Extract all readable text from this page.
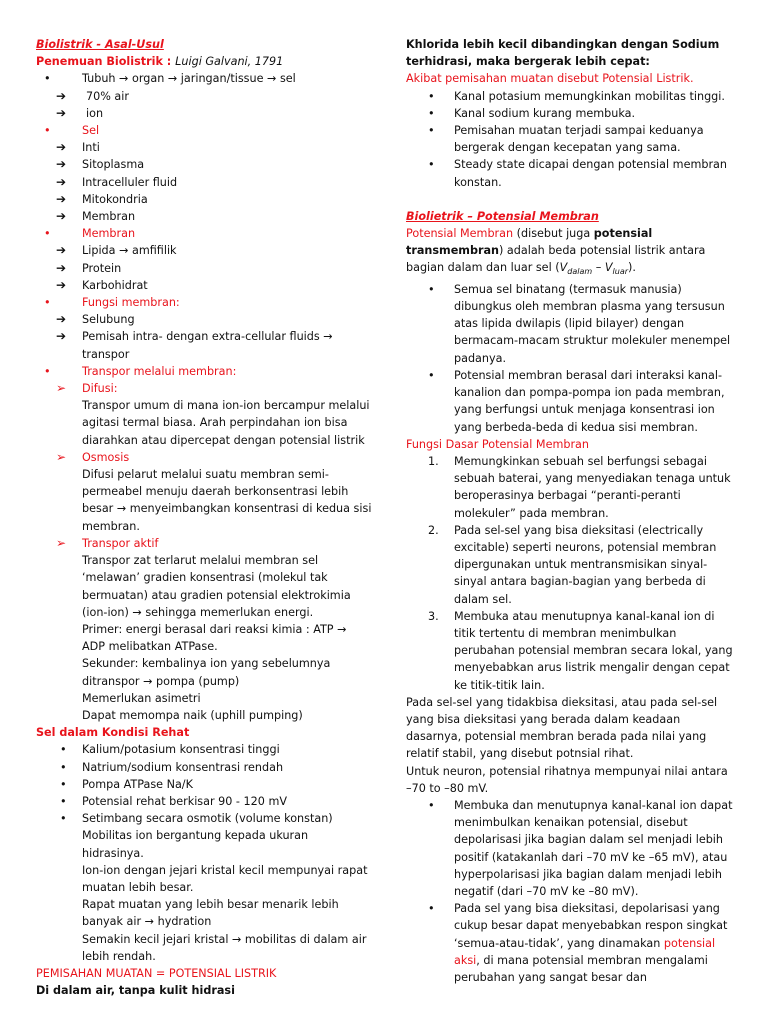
Biolistrik - Asal-Usul
Penemuan Biolistrik : Luigi Galvani, 1791
•	Tubuh → organ → jaringan/tissue → sel
➔ 70% air
➔ ion
•	Sel
➔ Inti
➔ Sitoplasma
➔ Intracelluler fluid
➔ Mitokondria
➔ Membran
•	Membran
➔ Lipida → amfifilik
➔ Protein
➔ Karbohidrat
•	Fungsi membran:
➔ Selubung
➔ Pemisah intra- dengan extra-cellular fluids → transpor
•	Transpor melalui membran:
➢ Difusi:
Transpor umum di mana ion-ion bercampur melalui agitasi termal biasa. Arah perpindahan ion bisa diarahkan atau dipercepat dengan potensial listrik
➢ Osmosis
Difusi pelarut melalui suatu membran semi-permeabel menuju daerah berkonsentrasi lebih besar → menyeimbangkan konsentrasi di kedua sisi membran.
➢ Transpor aktif
Transpor zat terlarut melalui membran sel ‘melawan’ gradien konsentrasi (molekul tak bermuatan) atau gradien potensial elektrokimia (ion-ion) → sehingga memerlukan energi.
Primer: energi berasal dari reaksi kimia : ATP → ADP melibatkan ATPase.
Sekunder: kembalinya ion yang sebelumnya ditranspor → pompa (pump)
Memerlukan asimetri
Dapat memompa naik (uphill pumping)
Sel dalam Kondisi Rehat
• Kalium/potasium konsentrasi tinggi
• Natrium/sodium konsentrasi rendah
• Pompa ATPase Na/K
• Potensial rehat berkisar 90 - 120 mV
• Setimbang secara osmotik (volume konstan)
Mobilitas ion bergantung kepada ukuran hidrasinya.
Ion-ion dengan jejari kristal kecil mempunyai rapat muatan lebih besar.
Rapat muatan yang lebih besar menarik lebih banyak air → hydration
Semakin kecil jejari kristal → mobilitas di dalam air lebih rendah.
PEMISAHAN MUATAN = POTENSIAL LISTRIK
Di dalam air, tanpa kulit hidrasi
Khlorida lebih kecil dibandingkan dengan Sodium terhidrasi, maka bergerak lebih cepat:
Akibat pemisahan muatan disebut Potensial Listrik.
• Kanal potasium memungkinkan mobilitas tinggi.
• Kanal sodium kurang membuka.
• Pemisahan muatan terjadi sampai keduanya bergerak dengan kecepatan yang sama.
• Steady state dicapai dengan potensial membran konstan.
Biolietrik – Potensial Membran
Potensial Membran (disebut juga potensial transmembran) adalah beda potensial listrik antara bagian dalam dan luar sel $(V_{dalam} - V_{luar})$.
• Semua sel binatang (termasuk manusia) dibungkus oleh membran plasma yang tersusun atas lipida dwilapis (lipid bilayer) dengan bermacam-macam struktur molekuler menempel padanya.
• Potensial membran berasal dari interaksi kanal-kanalion dan pompa-pompa ion pada membran, yang berfungsi untuk menjaga konsentrasi ion yang berbeda-beda di kedua sisi membran.
Fungsi Dasar Potensial Membran
1. Memungkinkan sebuah sel berfungsi sebagai sebuah baterai, yang menyediakan tenaga untuk beroperasinya berbagai “peranti-peranti molekuler” pada membran.
2. Pada sel-sel yang bisa dieksitasi (electrically excitable) seperti neurons, potensial membran dipergunakan untuk mentransmisikan sinyal-sinyal antara bagian-bagian yang berbeda di dalam sel.
3. Membuka atau menutupnya kanal-kanal ion di titik tertentu di membran menimbulkan perubahan potensial membran secara lokal, yang menyebabkan arus listrik mengalir dengan cepat ke titik-titik lain.
Pada sel-sel yang tidakbisa dieksitasi, atau pada sel-sel yang bisa dieksitasi yang berada dalam keadaan dasarnya, potensial membran berada pada nilai yang relatif stabil, yang disebut potnsial rihat.
Untuk neuron, potensial rihatnya mempunyai nilai antara –70 to –80 mV.
• Membuka dan menutupnya kanal-kanal ion dapat menimbulkan kenaikan potensial, disebut depolarisasi jika bagian dalam sel menjadi lebih positif (katakanlah dari –70 mV ke –65 mV), atau hyperpolarisasi jika bagian dalam menjadi lebih negatif (dari –70 mV ke –80 mV).
• Pada sel yang bisa dieksitasi, depolarisasi yang cukup besar dapat menyebabkan respon singkat ‘semua-atau-tidak’, yang dinamakan potensial aksi, di mana potensial membran mengalami perubahan yang sangat besar dan
